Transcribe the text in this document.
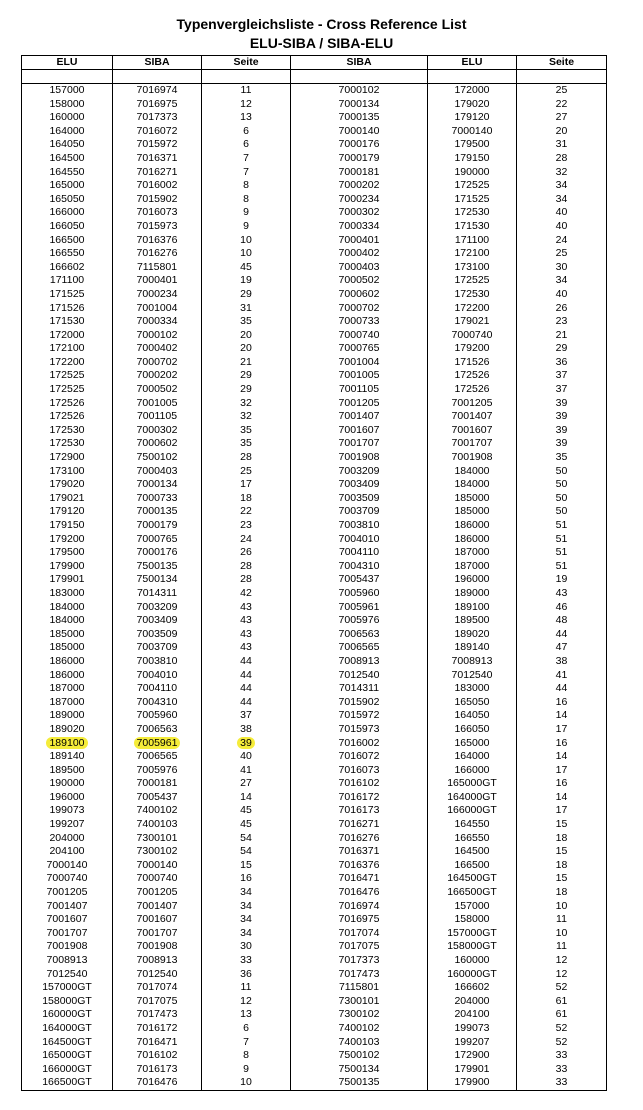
Typenvergleichsliste - Cross Reference List
ELU-SIBA / SIBA-ELU
ELU	SIBA	Seite	SIBA	ELU	Seite

157000	7016974	11	7000102	172000	25
158000	7016975	12	7000134	179020	22
160000	7017373	13	7000135	179120	27
164000	7016072	6	7000140	7000140	20
164050	7015972	6	7000176	179500	31
164500	7016371	7	7000179	179150	28
164550	7016271	7	7000181	190000	32
165000	7016002	8	7000202	172525	34
165050	7015902	8	7000234	171525	34
166000	7016073	9	7000302	172530	40
166050	7015973	9	7000334	171530	40
166500	7016376	10	7000401	171100	24
166550	7016276	10	7000402	172100	25
166602	7115801	45	7000403	173100	30
171100	7000401	19	7000502	172525	34
171525	7000234	29	7000602	172530	40
171526	7001004	31	7000702	172200	26
171530	7000334	35	7000733	179021	23
172000	7000102	20	7000740	7000740	21
172100	7000402	20	7000765	179200	29
172200	7000702	21	7001004	171526	36
172525	7000202	29	7001005	172526	37
172525	7000502	29	7001105	172526	37
172526	7001005	32	7001205	7001205	39
172526	7001105	32	7001407	7001407	39
172530	7000302	35	7001607	7001607	39
172530	7000602	35	7001707	7001707	39
172900	7500102	28	7001908	7001908	35
173100	7000403	25	7003209	184000	50
179020	7000134	17	7003409	184000	50
179021	7000733	18	7003509	185000	50
179120	7000135	22	7003709	185000	50
179150	7000179	23	7003810	186000	51
179200	7000765	24	7004010	186000	51
179500	7000176	26	7004110	187000	51
179900	7500135	28	7004310	187000	51
179901	7500134	28	7005437	196000	19
183000	7014311	42	7005960	189000	43
184000	7003209	43	7005961	189100	46
184000	7003409	43	7005976	189500	48
185000	7003509	43	7006563	189020	44
185000	7003709	43	7006565	189140	47
186000	7003810	44	7008913	7008913	38
186000	7004010	44	7012540	7012540	41
187000	7004110	44	7014311	183000	44
187000	7004310	44	7015902	165050	16
189000	7005960	37	7015972	164050	14
189020	7006563	38	7015973	166050	17
189100	7005961	39	7016002	165000	16
189140	7006565	40	7016072	164000	14
189500	7005976	41	7016073	166000	17
190000	7000181	27	7016102	165000GT	16
196000	7005437	14	7016172	164000GT	14
199073	7400102	45	7016173	166000GT	17
199207	7400103	45	7016271	164550	15
204000	7300101	54	7016276	166550	18
204100	7300102	54	7016371	164500	15
7000140	7000140	15	7016376	166500	18
7000740	7000740	16	7016471	164500GT	15
7001205	7001205	34	7016476	166500GT	18
7001407	7001407	34	7016974	157000	10
7001607	7001607	34	7016975	158000	11
7001707	7001707	34	7017074	157000GT	10
7001908	7001908	30	7017075	158000GT	11
7008913	7008913	33	7017373	160000	12
7012540	7012540	36	7017473	160000GT	12
157000GT	7017074	11	7115801	166602	52
158000GT	7017075	12	7300101	204000	61
160000GT	7017473	13	7300102	204100	61
164000GT	7016172	6	7400102	199073	52
164500GT	7016471	7	7400103	199207	52
165000GT	7016102	8	7500102	172900	33
166000GT	7016173	9	7500134	179901	33
166500GT	7016476	10	7500135	179900	33
